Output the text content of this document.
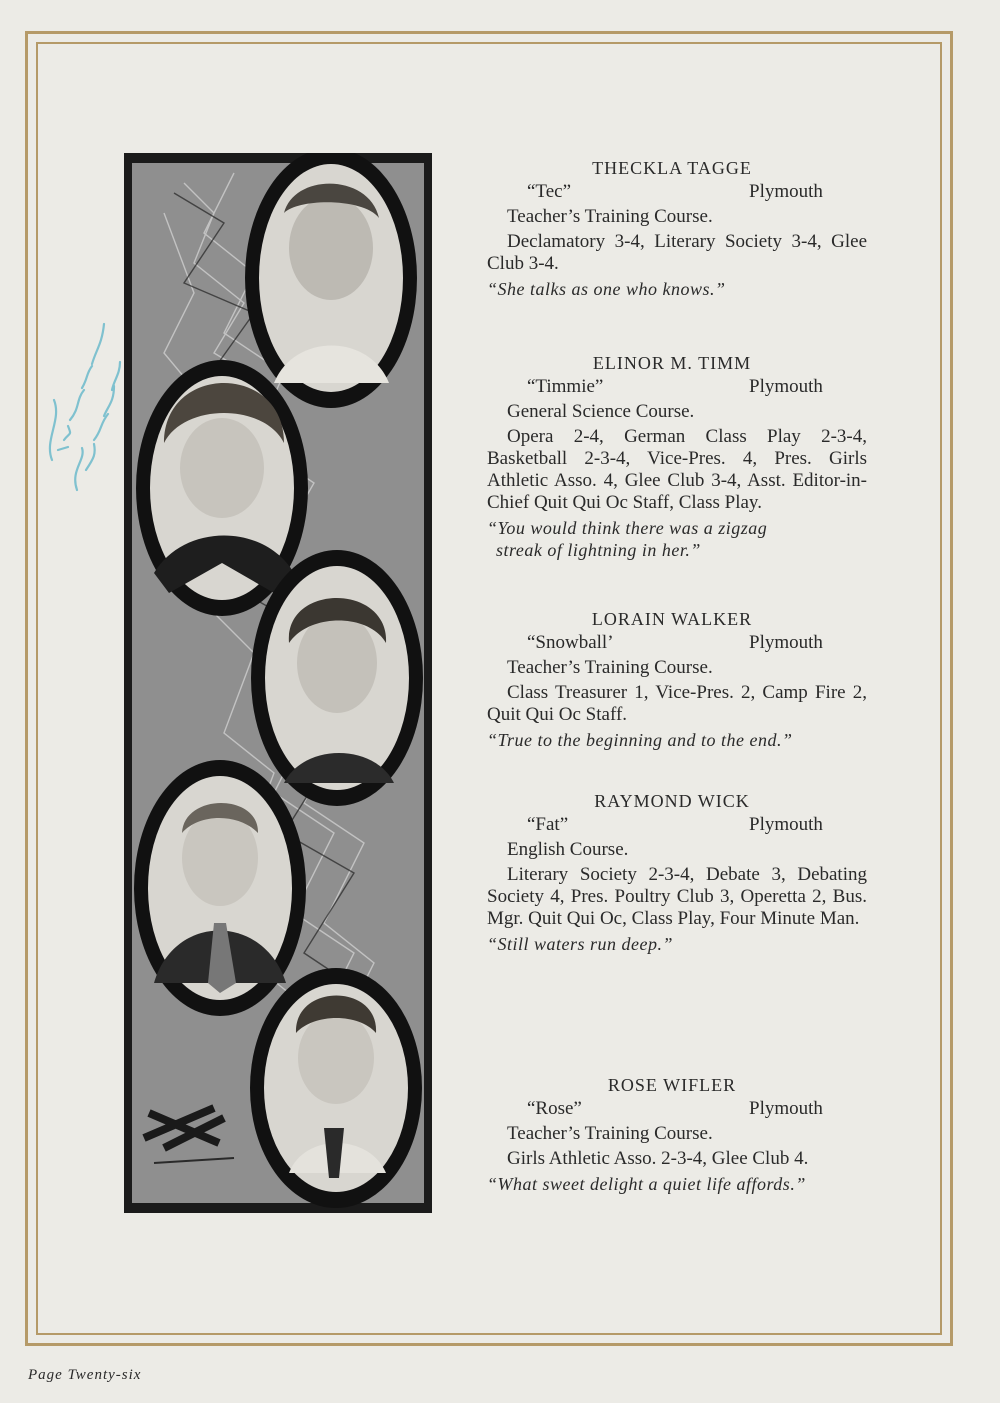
THECKLA TAGGE
“Tec”	Plymouth
Teacher’s Training Course.
Declamatory 3-4, Literary Society 3-4, Glee Club 3-4.
“She talks as one who knows.”
ELINOR M. TIMM
“Timmie”	Plymouth
General Science Course.
Opera 2-4, German Class Play 2-3-4, Basketball 2-3-4, Vice-Pres. 4, Pres. Girls Athletic Asso. 4, Glee Club 3-4, Asst. Editor-in-Chief Quit Qui Oc Staff, Class Play.
“You would think there was a zigzag
streak of lightning in her.”
LORAIN WALKER
“Snowball’	Plymouth
Teacher’s Training Course.
Class Treasurer 1, Vice-Pres. 2, Camp Fire 2, Quit Qui Oc Staff.
“True to the beginning and to the end.”
RAYMOND WICK
“Fat”	Plymouth
English Course.
Literary Society 2-3-4, Debate 3, Debating Society 4, Pres. Poultry Club 3, Operetta 2, Bus. Mgr. Quit Qui Oc, Class Play, Four Minute Man.
“Still waters run deep.”
ROSE WIFLER
“Rose”	Plymouth
Teacher’s Training Course.
Girls Athletic Asso. 2-3-4, Glee Club 4.
“What sweet delight a quiet life affords.”
Page Twenty-six
